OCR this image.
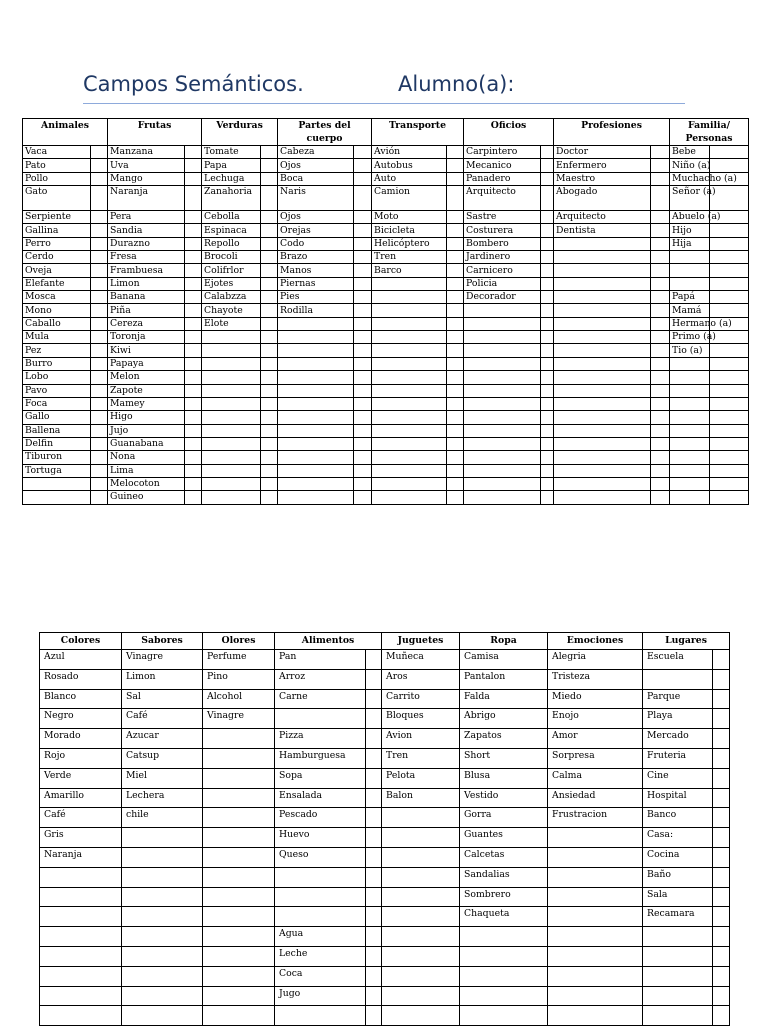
Campos Semánticos.	Alumno(a):
Animales		Frutas		Verduras		Partes del cuerpo		Transporte		Oficios		Profesiones		Familia/ Personas	
Vaca		Manzana		Tomate		Cabeza		Avión		Carpintero		Doctor		Bebe	
Pato		Uva		Papa		Ojos		Autobus		Mecanico		Enfermero		Niño (a)	
Pollo		Mango		Lechuga		Boca		Auto		Panadero		Maestro		Muchacho (a)	
Gato		Naranja		Zanahoria		Naris		Camion		Arquitecto		Abogado		Señor (a)	
Serpiente		Pera		Cebolla		Ojos		Moto		Sastre		Arquitecto		Abuelo (a)	
Gallina		Sandia		Espinaca		Orejas		Bicicleta		Costurera		Dentista		Hijo	
Perro		Durazno		Repollo		Codo		Helicóptero		Bombero				Hija	
Cerdo		Fresa		Brocoli		Brazo		Tren		Jardinero					
Oveja		Frambuesa		Colifrlor		Manos		Barco		Carnicero					
Elefante		Limon		Ejotes		Piernas				Policia					
Mosca		Banana		Calabzza		Pies				Decorador				Papá	
Mono		Piña		Chayote		Rodilla								Mamá	
Caballo		Cereza		Elote										Hermano (a)	
Mula		Toronja												Primo (a)	
Pez		Kiwi												Tio (a)	
Burro		Papaya													
Lobo		Melon													
Pavo		Zapote													
Foca		Mamey													
Gallo		Higo													
Ballena		Jujo													
Delfin		Guanabana													
Tiburon		Nona													
Tortuga		Lima													
		Melocoton													
		Guineo													
Colores	Sabores	Olores	Alimentos		Juguetes	Ropa	Emociones	Lugares	
Azul	Vinagre	Perfume	Pan		Muñeca	Camisa	Alegria	Escuela	
Rosado	Limon	Pino	Arroz		Aros	Pantalon	Tristeza		
Blanco	Sal	Alcohol	Carne		Carrito	Falda	Miedo	Parque	
Negro	Café	Vinagre			Bloques	Abrigo	Enojo	Playa	
Morado	Azucar		Pizza		Avion	Zapatos	Amor	Mercado	
Rojo	Catsup		Hamburguesa		Tren	Short	Sorpresa	Fruteria	
Verde	Miel		Sopa		Pelota	Blusa	Calma	Cine	
Amarillo	Lechera		Ensalada		Balon	Vestido	Ansiedad	Hospital	
Café	chile		Pescado			Gorra	Frustracion	Banco	
Gris			Huevo			Guantes		Casa:	
Naranja			Queso			Calcetas		Cocina	
						Sandalias		Baño	
						Sombrero		Sala	
						Chaqueta		Recamara	
			Agua						
			Leche						
			Coca						
			Jugo						
